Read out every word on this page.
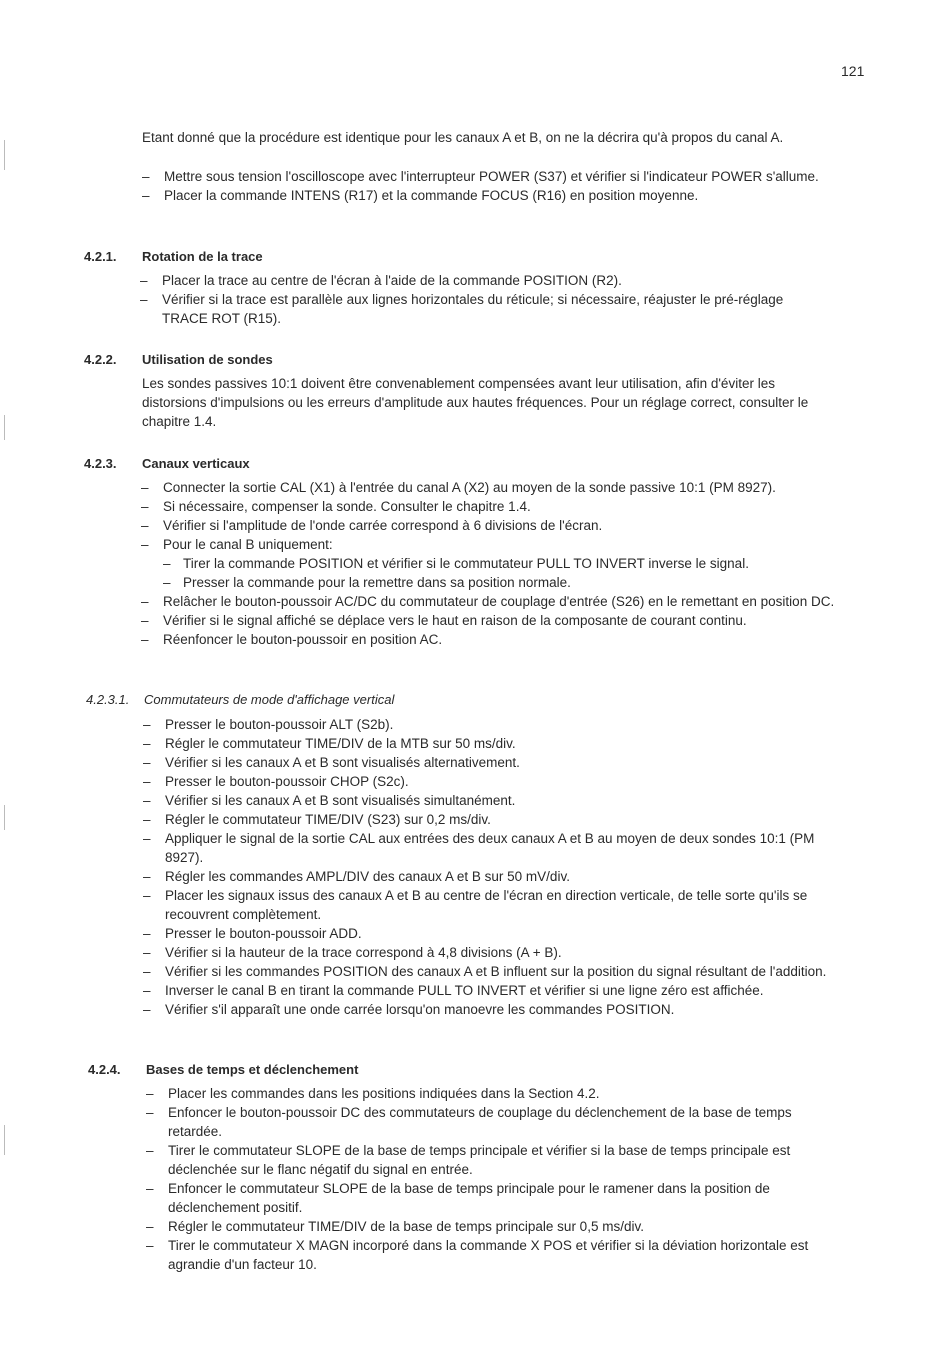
121

Etant donné que la procédure est identique pour les canaux A et B, on ne la décrira qu'à propos du canal A.

– Mettre sous tension l'oscilloscope avec l'interrupteur POWER (S37) et vérifier si l'indicateur POWER s'allume.
– Placer la commande INTENS (R17) et la commande FOCUS (R16) en position moyenne.
4.2.1. Rotation de la trace
– Placer la trace au centre de l'écran à l'aide de la commande POSITION (R2).
– Vérifier si la trace est parallèle aux lignes horizontales du réticule; si nécessaire, réajuster le pré-réglage TRACE ROT (R15).
4.2.2. Utilisation de sondes

Les sondes passives 10:1 doivent être convenablement compensées avant leur utilisation, afin d'éviter les distorsions d'impulsions ou les erreurs d'amplitude aux hautes fréquences. Pour un réglage correct, consulter le chapitre 1.4.

4.2.3. Canaux verticaux
– Connecter la sortie CAL (X1) à l'entrée du canal A (X2) au moyen de la sonde passive 10:1 (PM 8927).
– Si nécessaire, compenser la sonde. Consulter le chapitre 1.4.
– Vérifier si l'amplitude de l'onde carrée correspond à 6 divisions de l'écran.
– Pour le canal B uniquement:
– Tirer la commande POSITION et vérifier si le commutateur PULL TO INVERT inverse le signal.
– Presser la commande pour la remettre dans sa position normale.
– Relâcher le bouton-poussoir AC/DC du commutateur de couplage d'entrée (S26) en le remettant en position DC.
– Vérifier si le signal affiché se déplace vers le haut en raison de la composante de courant continu.
– Réenfoncer le bouton-poussoir en position AC.
4.2.3.1. Commutateurs de mode d'affichage vertical
– Presser le bouton-poussoir ALT (S2b).
– Régler le commutateur TIME/DIV de la MTB sur 50 ms/div.
– Vérifier si les canaux A et B sont visualisés alternativement.
– Presser le bouton-poussoir CHOP (S2c).
– Vérifier si les canaux A et B sont visualisés simultanément.
– Régler le commutateur TIME/DIV (S23) sur 0,2 ms/div.
– Appliquer le signal de la sortie CAL aux entrées des deux canaux A et B au moyen de deux sondes 10:1 (PM 8927).
– Régler les commandes AMPL/DIV des canaux A et B sur 50 mV/div.
– Placer les signaux issus des canaux A et B au centre de l'écran en direction verticale, de telle sorte qu'ils se recouvrent complètement.
– Presser le bouton-poussoir ADD.
– Vérifier si la hauteur de la trace correspond à 4,8 divisions (A + B).
– Vérifier si les commandes POSITION des canaux A et B influent sur la position du signal résultant de l'addition.
– Inverser le canal B en tirant la commande PULL TO INVERT et vérifier si une ligne zéro est affichée.
– Vérifier s'il apparaît une onde carrée lorsqu'on manoevre les commandes POSITION.
4.2.4. Bases de temps et déclenchement
– Placer les commandes dans les positions indiquées dans la Section 4.2.
– Enfoncer le bouton-poussoir DC des commutateurs de couplage du déclenchement de la base de temps retardée.
– Tirer le commutateur SLOPE de la base de temps principale et vérifier si la base de temps principale est déclenchée sur le flanc négatif du signal en entrée.
– Enfoncer le commutateur SLOPE de la base de temps principale pour le ramener dans la position de déclenchement positif.
– Régler le commutateur TIME/DIV de la base de temps principale sur 0,5 ms/div.
– Tirer le commutateur X MAGN incorporé dans la commande X POS et vérifier si la déviation horizontale est agrandie d'un facteur 10.
